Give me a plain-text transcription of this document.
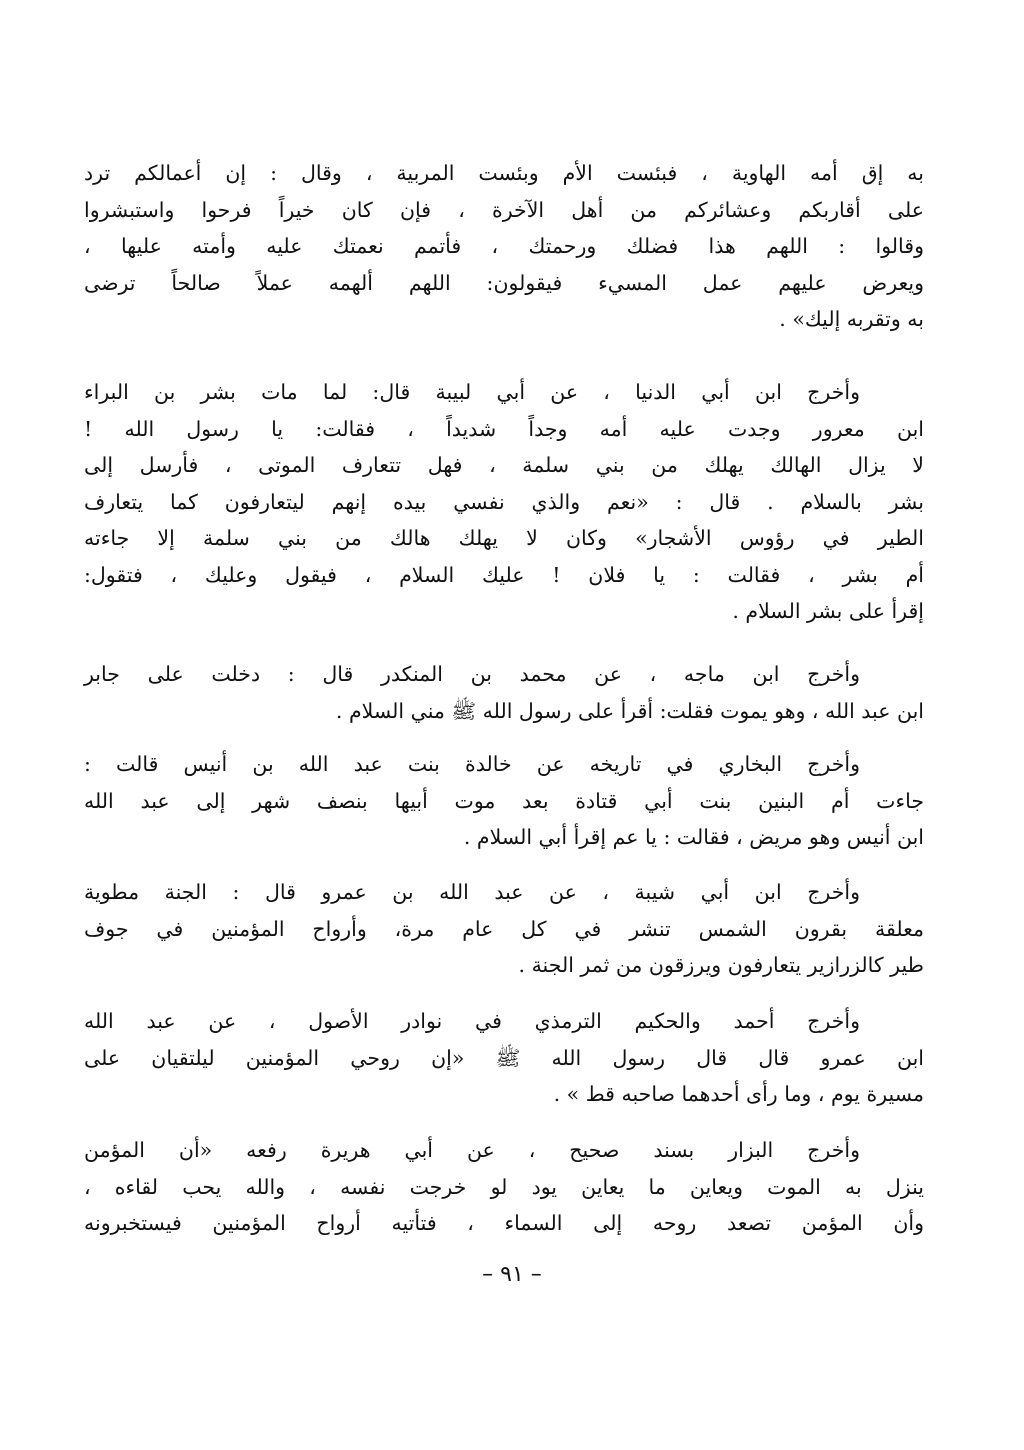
به إق أمه الهاوية ، فبئست الأم وبئست المربية ، وقال : إن أعمالكم ترد
على أقاربكم وعشائركم من أهل الآخرة ، فإن كان خيراً فرحوا واستبشروا
وقالوا : اللهم هذا فضلك ورحمتك ، فأتمم نعمتك عليه وأمته عليها ،
ويعرض عليهم عمل المسيء فيقولون: اللهم ألهمه عملاً صالحاً ترضى
به وتقربه إليك» .
وأخرج ابن أبي الدنيا ، عن أبي لبيبة قال: لما مات بشر بن البراء
ابن معرور وجدت عليه أمه وجداً شديداً ، فقالت: يا رسول الله !
لا يزال الهالك يهلك من بني سلمة ، فهل تتعارف الموتى ، فأرسل إلى
بشر بالسلام . قال : «نعم والذي نفسي بيده إنهم ليتعارفون كما يتعارف
الطير في رؤوس الأشجار» وكان لا يهلك هالك من بني سلمة إلا جاءته
أم بشر ، فقالت : يا فلان ! عليك السلام ، فيقول وعليك ، فتقول:
إقرأ على بشر السلام .
وأخرج ابن ماجه ، عن محمد بن المنكدر قال : دخلت على جابر
ابن عبد الله ، وهو يموت فقلت: أقرأ على رسول الله ﷺ مني السلام .
وأخرج البخاري في تاريخه عن خالدة بنت عبد الله بن أنيس قالت :
جاءت أم البنين بنت أبي قتادة بعد موت أبيها بنصف شهر إلى عبد الله
ابن أنيس وهو مريض ، فقالت : يا عم إقرأ أبي السلام .
وأخرج ابن أبي شيبة ، عن عبد الله بن عمرو قال : الجنة مطوية
معلقة بقرون الشمس تنشر في كل عام مرة، وأرواح المؤمنين في جوف
طير كالزرازير يتعارفون ويرزقون من ثمر الجنة .
وأخرج أحمد والحكيم الترمذي في نوادر الأصول ، عن عبد الله
ابن عمرو قال قال رسول الله ﷺ «إن روحي المؤمنين ليلتقيان على
مسيرة يوم ، وما رأى أحدهما صاحبه قط » .
وأخرج البزار بسند صحيح ، عن أبي هريرة رفعه «أن المؤمن
ينزل به الموت ويعاين ما يعاين يود لو خرجت نفسه ، والله يحب لقاءه ،
وأن المؤمن تصعد روحه إلى السماء ، فتأتيه أرواح المؤمنين فيستخبرونه
– ٩١ –
